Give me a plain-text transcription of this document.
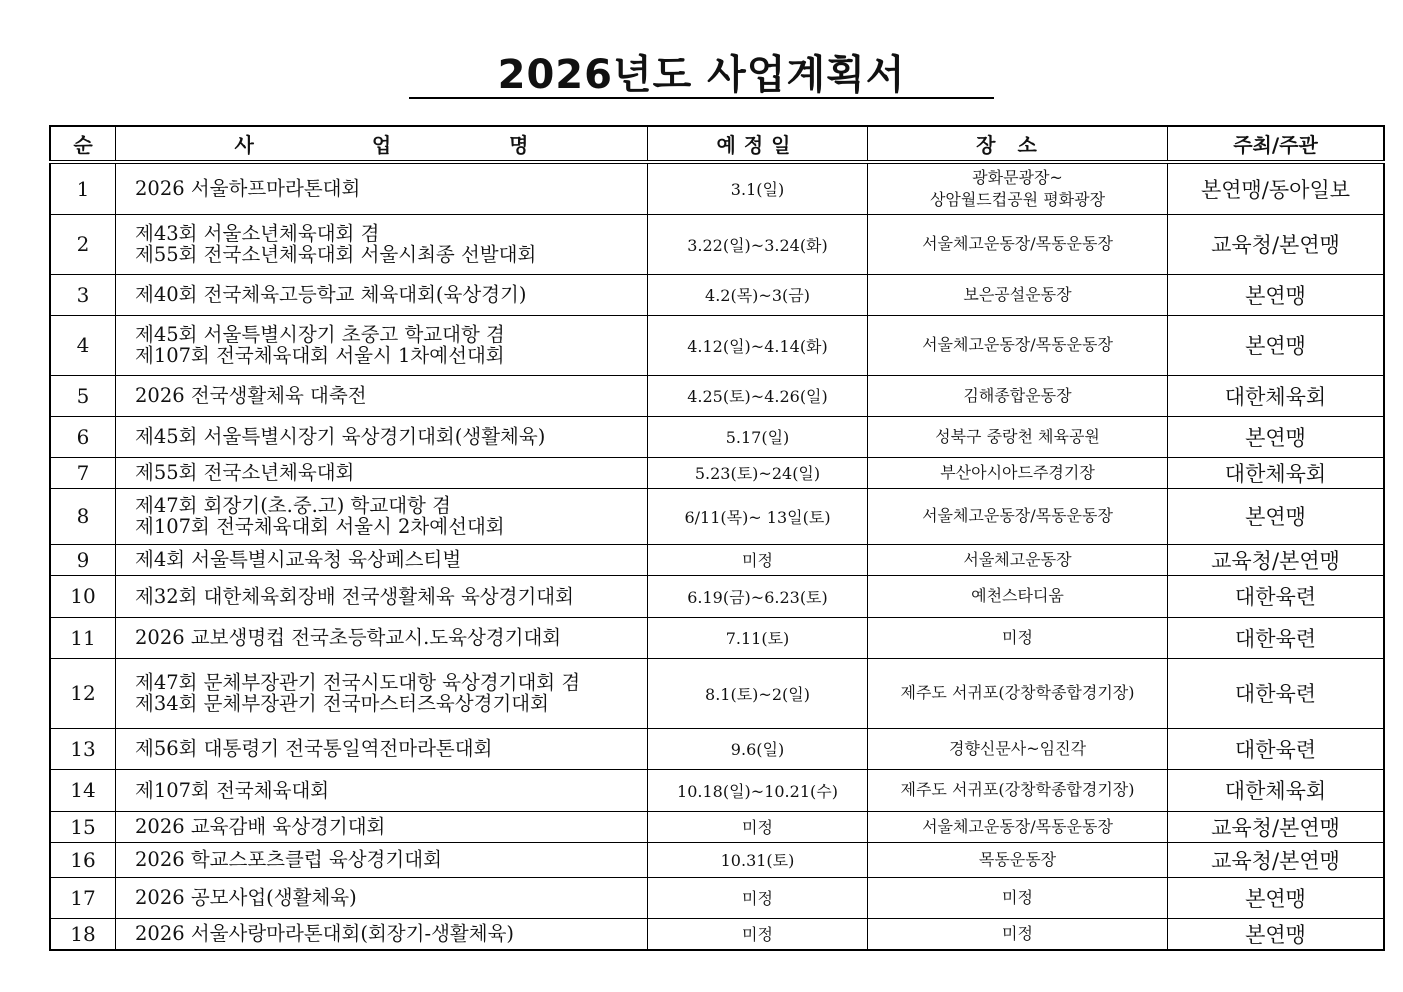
2026년도 사업계획서
순	사업명	예정일	장소	주최/주관
1	2026 서울하프마라톤대회	3.1(일)	광화문광장~
상암월드컵공원 평화광장	본연맹/동아일보
2	제43회 서울소년체육대회 겸
제55회 전국소년체육대회 서울시최종 선발대회	3.22(일)~3.24(화)	서울체고운동장/목동운동장	교육청/본연맹
3	제40회 전국체육고등학교 체육대회(육상경기)	4.2(목)~3(금)	보은공설운동장	본연맹
4	제45회 서울특별시장기 초중고 학교대항 겸
제107회 전국체육대회 서울시 1차예선대회	4.12(일)~4.14(화)	서울체고운동장/목동운동장	본연맹
5	2026 전국생활체육 대축전	4.25(토)~4.26(일)	김해종합운동장	대한체육회
6	제45회 서울특별시장기 육상경기대회(생활체육)	5.17(일)	성북구 중랑천 체육공원	본연맹
7	제55회 전국소년체육대회	5.23(토)~24(일)	부산아시아드주경기장	대한체육회
8	제47회 회장기(초.중.고) 학교대항 겸
제107회 전국체육대회 서울시 2차예선대회	6/11(목)~ 13일(토)	서울체고운동장/목동운동장	본연맹
9	제4회 서울특별시교육청 육상페스티벌	미정	서울체고운동장	교육청/본연맹
10	제32회 대한체육회장배 전국생활체육 육상경기대회	6.19(금)~6.23(토)	예천스타디움	대한육련
11	2026 교보생명컵 전국초등학교시.도육상경기대회	7.11(토)	미정	대한육련
12	제47회 문체부장관기 전국시도대항 육상경기대회 겸
제34회 문체부장관기 전국마스터즈육상경기대회	8.1(토)~2(일)	제주도 서귀포(강창학종합경기장)	대한육련
13	제56회 대통령기 전국통일역전마라톤대회	9.6(일)	경향신문사~임진각	대한육련
14	제107회 전국체육대회	10.18(일)~10.21(수)	제주도 서귀포(강창학종합경기장)	대한체육회
15	2026 교육감배 육상경기대회	미정	서울체고운동장/목동운동장	교육청/본연맹
16	2026 학교스포츠클럽 육상경기대회	10.31(토)	목동운동장	교육청/본연맹
17	2026 공모사업(생활체육)	미정	미정	본연맹
18	2026 서울사랑마라톤대회(회장기-생활체육)	미정	미정	본연맹
